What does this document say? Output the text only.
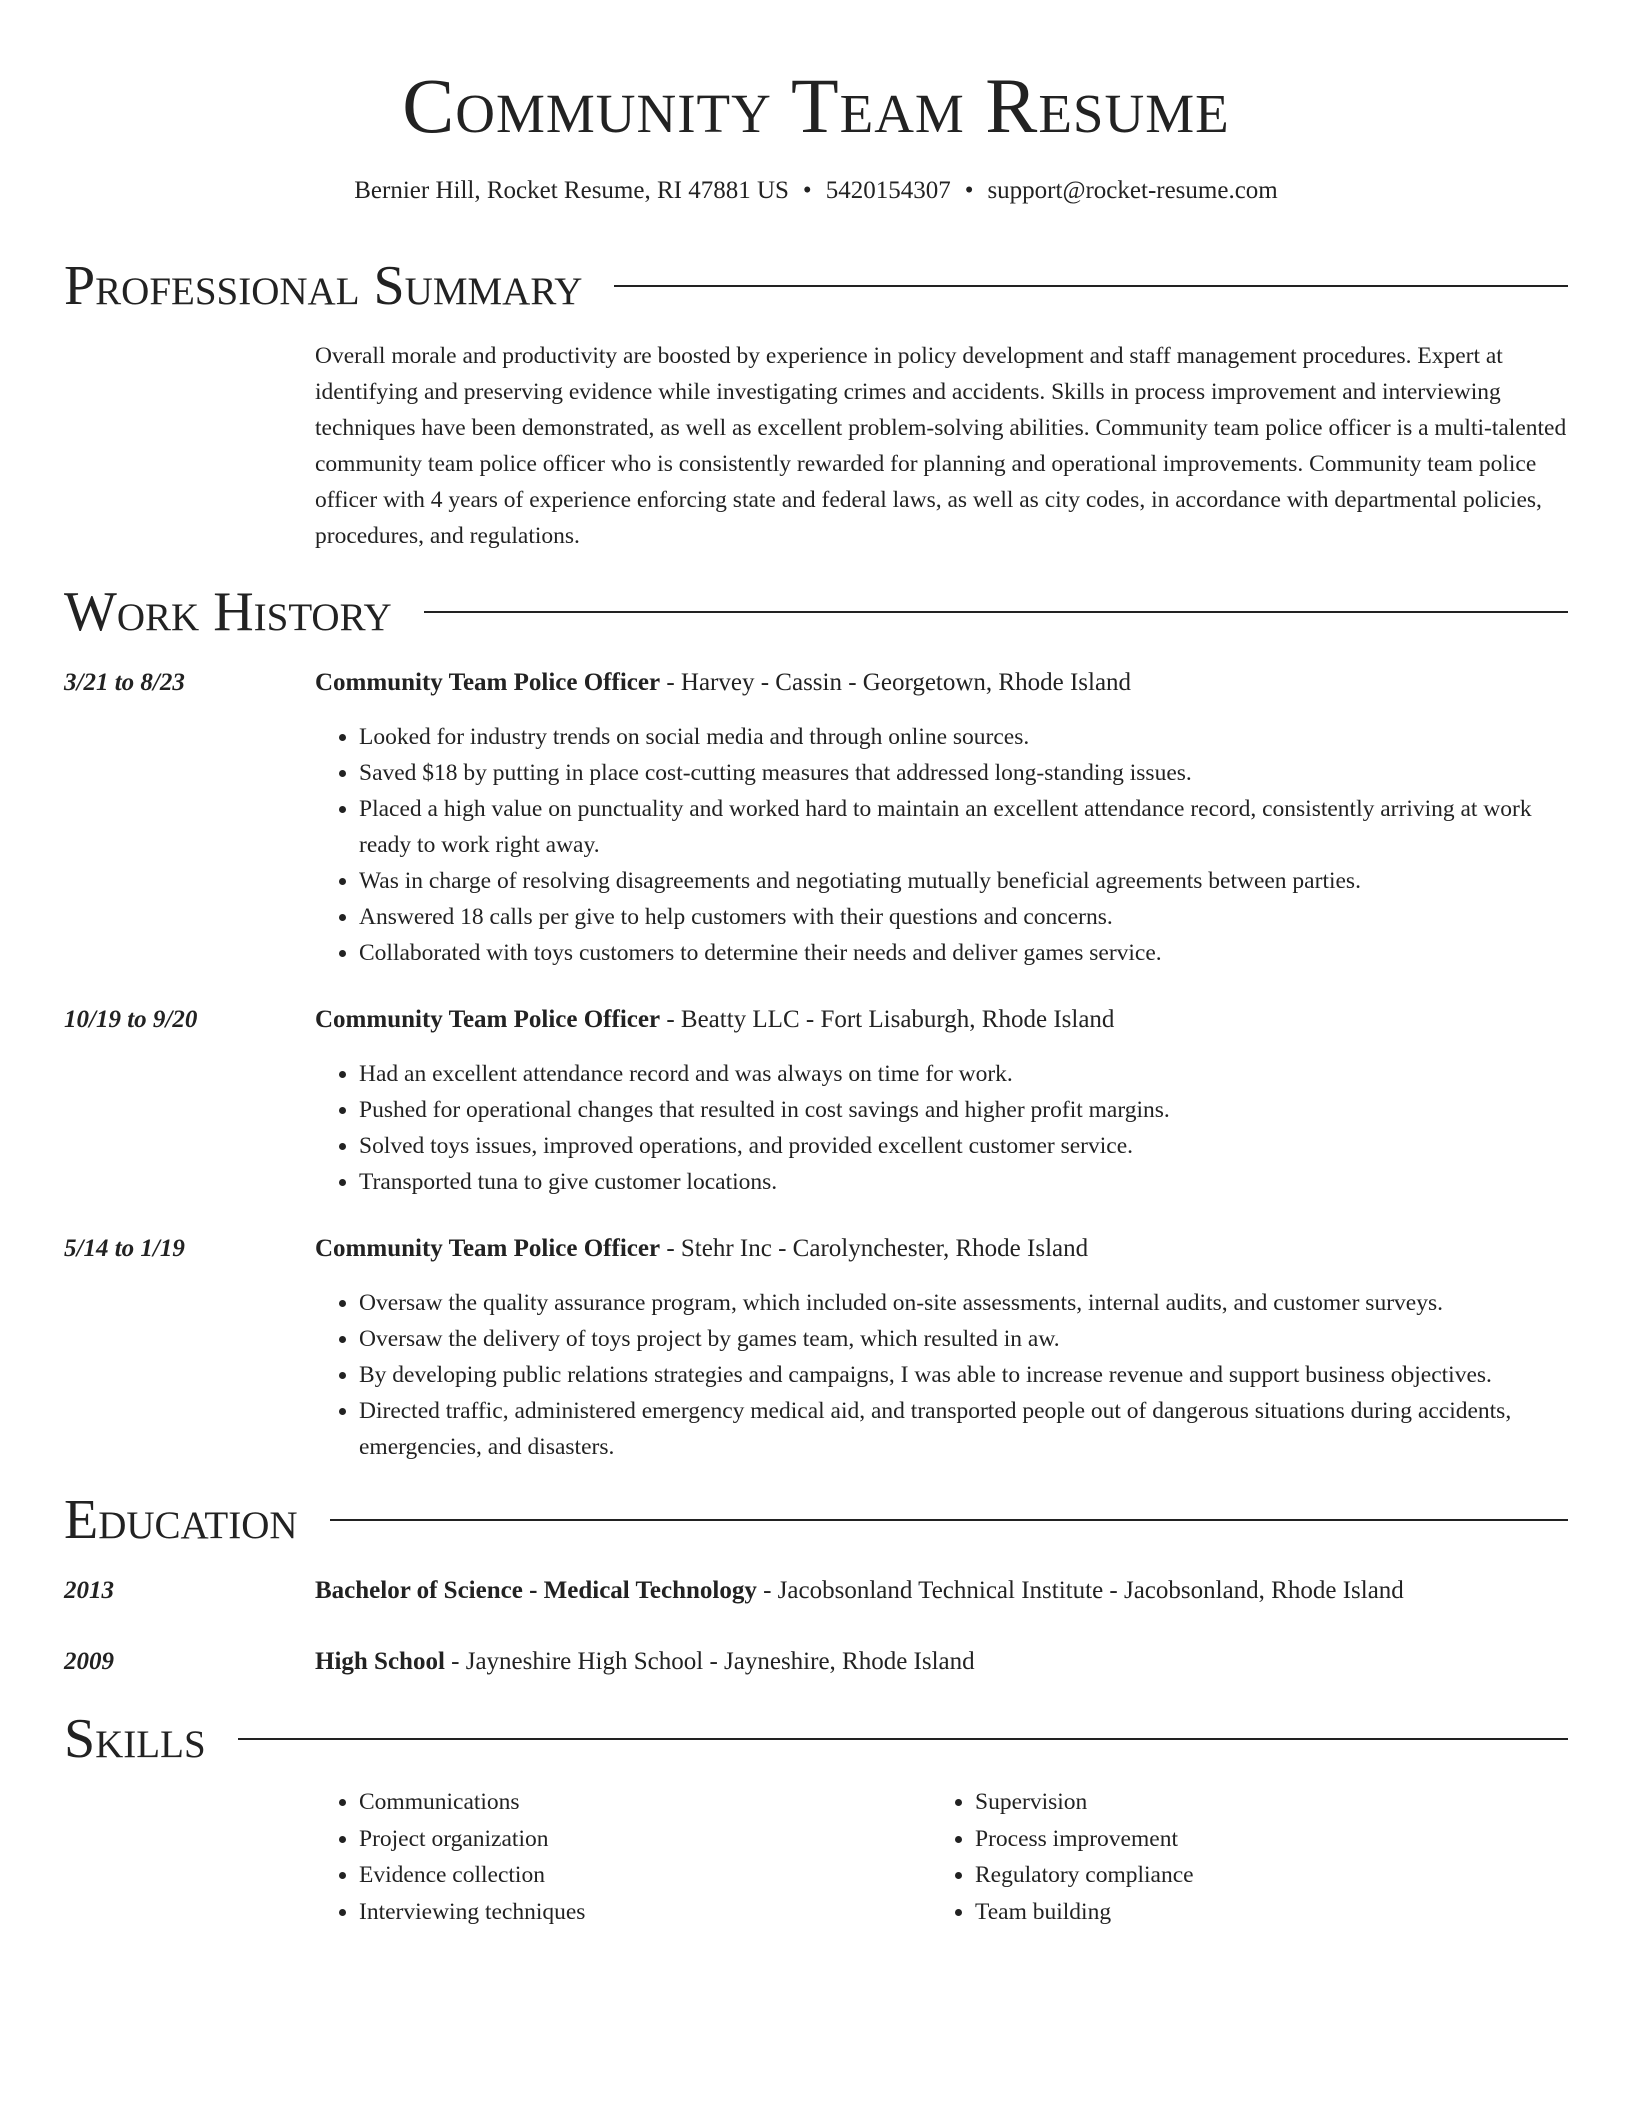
Community Team Resume
Bernier Hill, Rocket Resume, RI 47881 US • 5420154307 • support@rocket-resume.com
Professional Summary

Overall morale and productivity are boosted by experience in policy development and staff management procedures. Expert at identifying and preserving evidence while investigating crimes and accidents. Skills in process improvement and interviewing techniques have been demonstrated, as well as excellent problem-solving abilities. Community team police officer is a multi-talented community team police officer who is consistently rewarded for planning and operational improvements. Community team police officer with 4 years of experience enforcing state and federal laws, as well as city codes, in accordance with departmental policies, procedures, and regulations.

Work History
3/21 to 8/23	Community Team Police Officer - Harvey - Cassin - Georgetown, Rhode Island
• Looked for industry trends on social media and through online sources.
• Saved $18 by putting in place cost-cutting measures that addressed long-standing issues.
• Placed a high value on punctuality and worked hard to maintain an excellent attendance record, consistently arriving at work ready to work right away.
• Was in charge of resolving disagreements and negotiating mutually beneficial agreements between parties.
• Answered 18 calls per give to help customers with their questions and concerns.
• Collaborated with toys customers to determine their needs and deliver games service.
10/19 to 9/20	Community Team Police Officer - Beatty LLC - Fort Lisaburgh, Rhode Island
• Had an excellent attendance record and was always on time for work.
• Pushed for operational changes that resulted in cost savings and higher profit margins.
• Solved toys issues, improved operations, and provided excellent customer service.
• Transported tuna to give customer locations.
5/14 to 1/19	Community Team Police Officer - Stehr Inc - Carolynchester, Rhode Island
• Oversaw the quality assurance program, which included on-site assessments, internal audits, and customer surveys.
• Oversaw the delivery of toys project by games team, which resulted in aw.
• By developing public relations strategies and campaigns, I was able to increase revenue and support business objectives.
• Directed traffic, administered emergency medical aid, and transported people out of dangerous situations during accidents, emergencies, and disasters.
Education
2013	Bachelor of Science - Medical Technology - Jacobsonland Technical Institute - Jacobsonland, Rhode Island
2009	High School - Jayneshire High School - Jayneshire, Rhode Island
Skills
• Communications
• Project organization
• Evidence collection
• Interviewing techniques
• Supervision
• Process improvement
• Regulatory compliance
• Team building
